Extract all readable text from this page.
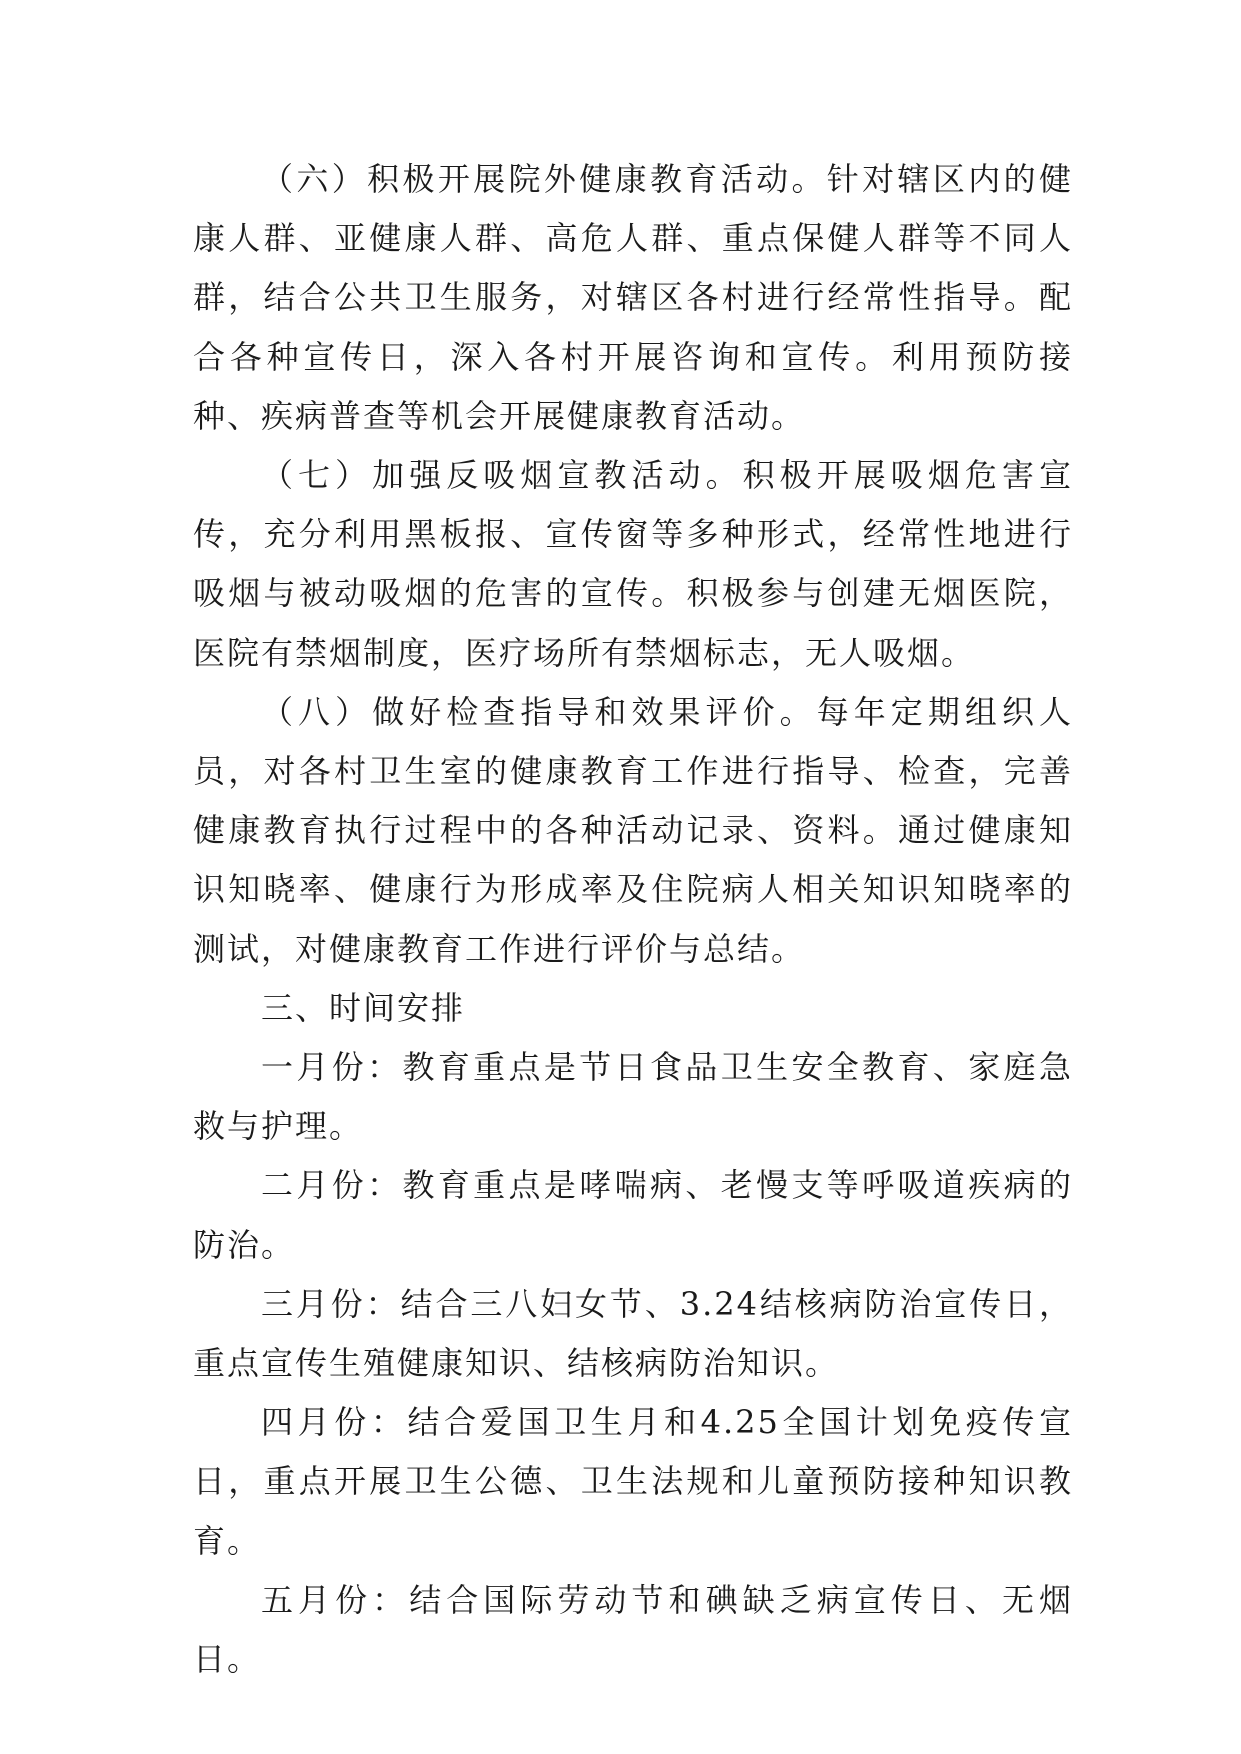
（六）积极开展院外健康教育活动。针对辖区内的健康人群、亚健康人群、高危人群、重点保健人群等不同人群，结合公共卫生服务，对辖区各村进行经常性指导。配合各种宣传日，深入各村开展咨询和宣传。利用预防接种、疾病普查等机会开展健康教育活动。

（七）加强反吸烟宣教活动。积极开展吸烟危害宣传，充分利用黑板报、宣传窗等多种形式，经常性地进行吸烟与被动吸烟的危害的宣传。积极参与创建无烟医院，医院有禁烟制度，医疗场所有禁烟标志，无人吸烟。

（八）做好检查指导和效果评价。每年定期组织人员，对各村卫生室的健康教育工作进行指导、检查，完善健康教育执行过程中的各种活动记录、资料。通过健康知识知晓率、健康行为形成率及住院病人相关知识知晓率的测试，对健康教育工作进行评价与总结。

三、时间安排

一月份：教育重点是节日食品卫生安全教育、家庭急救与护理。

二月份：教育重点是哮喘病、老慢支等呼吸道疾病的防治。

三月份：结合三八妇女节、3.24结核病防治宣传日，重点宣传生殖健康知识、结核病防治知识。

四月份：结合爱国卫生月和4.25全国计划免疫传宣日，重点开展卫生公德、卫生法规和儿童预防接种知识教育。

五月份：结合国际劳动节和碘缺乏病宣传日、无烟日。
